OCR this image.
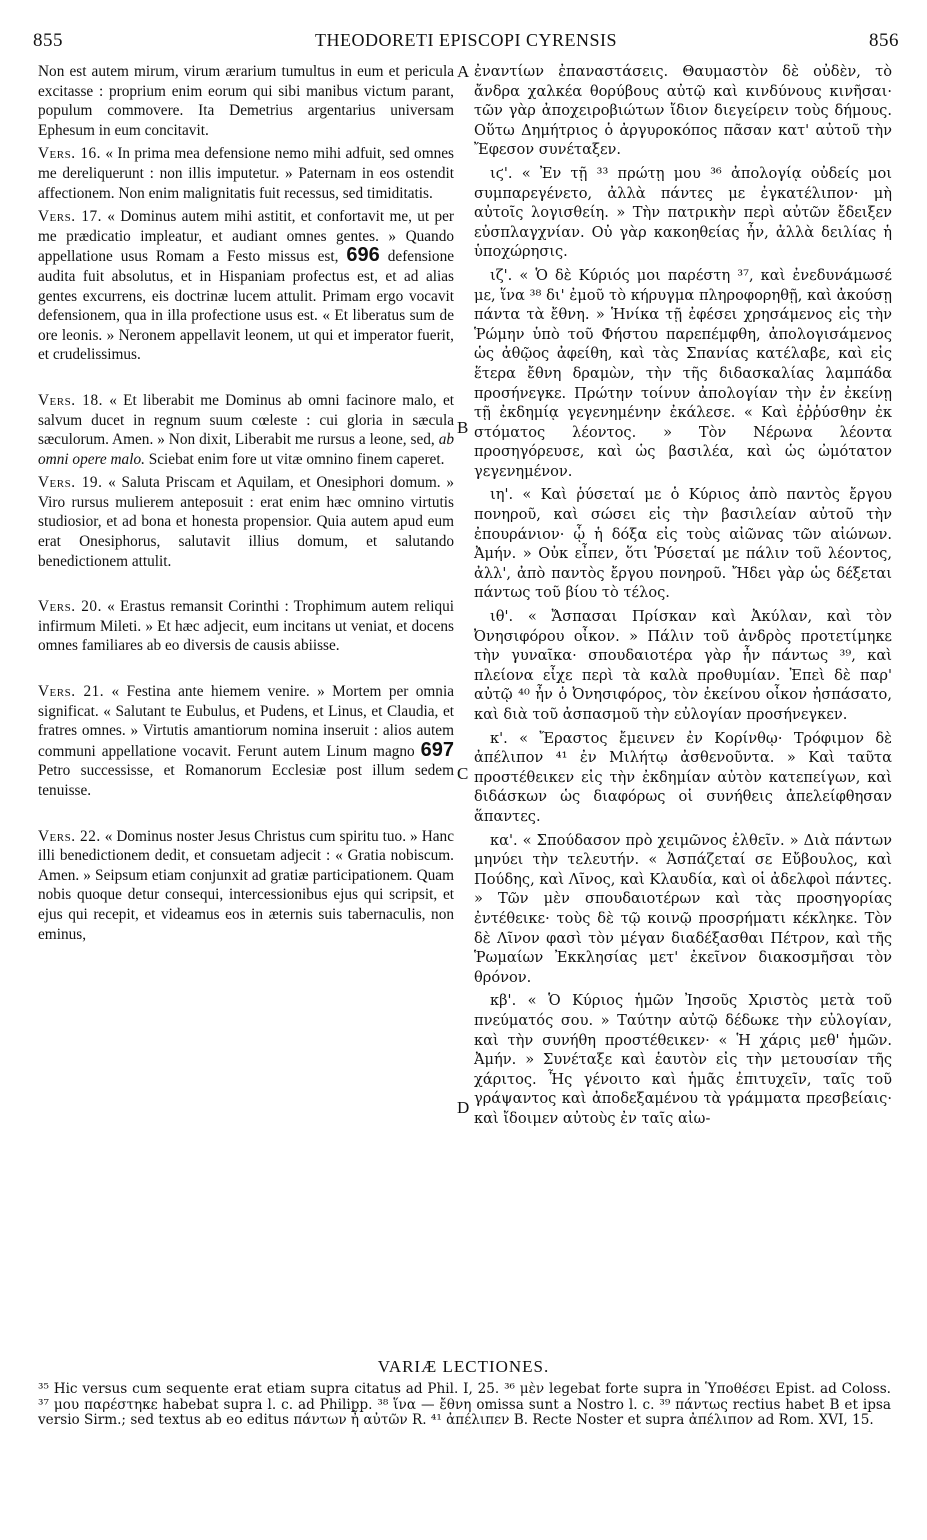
855	THEODORETI EPISCOPI CYRENSIS	856
A
B
C
D

Non est autem mirum, virum ærarium tumultus in eum et pericula excitasse : proprium enim eorum qui sibi manibus victum parant, populum commovere. Ita Demetrius argentarius universam Ephesum in eum concitavit.

Vers. 16. « In prima mea defensione nemo mihi adfuit, sed omnes me dereliquerunt : non illis imputetur. » Paternam in eos ostendit affectionem. Non enim malignitatis fuit recessus, sed timiditatis.

Vers. 17. « Dominus autem mihi astitit, et confortavit me, ut per me prædicatio impleatur, et audiant omnes gentes. » Quando appellatione usus Romam a Festo missus est, 696 defensione audita fuit absolutus, et in Hispaniam profectus est, et ad alias gentes excurrens, eis doctrinæ lucem attulit. Primam ergo vocavit defensionem, qua in illa profectione usus est. « Et liberatus sum de ore leonis. » Neronem appellavit leonem, ut qui et imperator fuerit, et crudelissimus.

Vers. 18. « Et liberabit me Dominus ab omni facinore malo, et salvum ducet in regnum suum cœleste : cui gloria in sæcula sæculorum. Amen. » Non dixit, Liberabit me rursus a leone, sed, ab omni opere malo. Sciebat enim fore ut vitæ omnino finem caperet.

Vers. 19. « Saluta Priscam et Aquilam, et Onesiphori domum. » Viro rursus mulierem anteposuit : erat enim hæc omnino virtutis studiosior, et ad bona et honesta propensior. Quia autem apud eum erat Onesiphorus, salutavit illius domum, et salutando benedictionem attulit.

Vers. 20. « Erastus remansit Corinthi : Trophimum autem reliqui infirmum Mileti. » Et hæc adjecit, eum incitans ut veniat, et docens omnes familiares ab eo diversis de causis abiisse.

Vers. 21. « Festina ante hiemem venire. » Mortem per omnia significat. « Salutant te Eubulus, et Pudens, et Linus, et Claudia, et fratres omnes. » Virtutis amantiorum nomina inseruit : alios autem communi appellatione vocavit. Ferunt autem Linum magno 697 Petro successisse, et Romanorum Ecclesiæ post illum sedem tenuisse.

Vers. 22. « Dominus noster Jesus Christus cum spiritu tuo. » Hanc illi benedictionem dedit, et consuetam adjecit : « Gratia nobiscum. Amen. » Seipsum etiam conjunxit ad gratiæ participationem. Quam nobis quoque detur consequi, intercessionibus ejus qui scripsit, et ejus qui recepit, et videamus eos in æternis suis tabernaculis, non eminus,

ἐναντίων ἐπαναστάσεις. Θαυμαστὸν δὲ οὐδὲν, τὸ ἄνδρα χαλκέα θορύβους αὐτῷ καὶ κινδύνους κινῆσαι· τῶν γὰρ ἀποχειροβιώτων ἴδιον διεγείρειν τοὺς δήμους. Οὕτω Δημήτριος ὁ ἀργυροκόπος πᾶσαν κατ' αὐτοῦ τὴν Ἔφεσον συνέταξεν.

ιϛ'. « Ἐν τῇ ³³ πρώτῃ μου ³⁶ ἀπολογίᾳ οὐδείς μοι συμπαρεγένετο, ἀλλὰ πάντες με ἐγκατέλιπον· μὴ αὐτοῖς λογισθείη. » Τὴν πατρικὴν περὶ αὐτῶν ἔδειξεν εὐσπλαγχνίαν. Οὐ γὰρ κακοηθείας ἦν, ἀλλὰ δειλίας ἡ ὑποχώρησις.

ιζ'. « Ὁ δὲ Κύριός μοι παρέστη ³⁷, καὶ ἐνεδυνάμωσέ με, ἵνα ³⁸ δι' ἐμοῦ τὸ κήρυγμα πληροφορηθῇ, καὶ ἀκούσῃ πάντα τὰ ἔθνη. » Ἡνίκα τῇ ἐφέσει χρησάμενος εἰς τὴν Ῥώμην ὑπὸ τοῦ Φήστου παρεπέμφθη, ἀπολογισάμενος ὡς ἀθῷος ἀφείθη, καὶ τὰς Σπανίας κατέλαβε, καὶ εἰς ἕτερα ἔθνη δραμὼν, τὴν τῆς διδασκαλίας λαμπάδα προσήνεγκε. Πρώτην τοίνυν ἀπολογίαν τὴν ἐν ἐκείνῃ τῇ ἐκδημίᾳ γεγενημένην ἐκάλεσε. « Καὶ ἐῤῥύσθην ἐκ στόματος λέοντος. » Τὸν Νέρωνα λέοντα προσηγόρευσε, καὶ ὡς βασιλέα, καὶ ὡς ὠμότατον γεγενημένον.

ιη'. « Καὶ ῥύσεταί με ὁ Κύριος ἀπὸ παντὸς ἔργου πονηροῦ, καὶ σώσει εἰς τὴν βασιλείαν αὐτοῦ τὴν ἐπουράνιον· ᾧ ἡ δόξα εἰς τοὺς αἰῶνας τῶν αἰώνων. Ἀμήν. » Οὐκ εἶπεν, ὅτι Ῥύσεταί με πάλιν τοῦ λέοντος, ἀλλ', ἀπὸ παντὸς ἔργου πονηροῦ. Ἤδει γὰρ ὡς δέξεται πάντως τοῦ βίου τὸ τέλος.

ιθ'. « Ἄσπασαι Πρίσκαν καὶ Ἀκύλαν, καὶ τὸν Ὀνησιφόρου οἶκον. » Πάλιν τοῦ ἀνδρὸς προτετίμηκε τὴν γυναῖκα· σπουδαιοτέρα γὰρ ἦν πάντως ³⁹, καὶ πλείονα εἶχε περὶ τὰ καλὰ προθυμίαν. Ἐπεὶ δὲ παρ' αὐτῷ ⁴⁰ ἦν ὁ Ὀνησιφόρος, τὸν ἐκείνου οἶκον ἠσπάσατο, καὶ διὰ τοῦ ἀσπασμοῦ τὴν εὐλογίαν προσήνεγκεν.

κ'. « Ἔραστος ἔμεινεν ἐν Κορίνθῳ· Τρόφιμον δὲ ἀπέλιπον ⁴¹ ἐν Μιλήτῳ ἀσθενοῦντα. » Καὶ ταῦτα προστέθεικεν εἰς τὴν ἐκδημίαν αὐτὸν κατεπείγων, καὶ διδάσκων ὡς διαφόρως οἱ συνήθεις ἀπελείφθησαν ἅπαντες.

κα'. « Σπούδασον πρὸ χειμῶνος ἐλθεῖν. » Διὰ πάντων μηνύει τὴν τελευτήν. « Ἀσπάζεταί σε Εὔβουλος, καὶ Πούδης, καὶ Λῖνος, καὶ Κλαυδία, καὶ οἱ ἀδελφοὶ πάντες. » Τῶν μὲν σπουδαιοτέρων καὶ τὰς προσηγορίας ἐντέθεικε· τοὺς δὲ τῷ κοινῷ προσρήματι κέκληκε. Τὸν δὲ Λῖνον φασὶ τὸν μέγαν διαδέξασθαι Πέτρον, καὶ τῆς Ῥωμαίων Ἐκκλησίας μετ' ἐκεῖνον διακοσμῆσαι τὸν θρόνον.

κβ'. « Ὁ Κύριος ἡμῶν Ἰησοῦς Χριστὸς μετὰ τοῦ πνεύματός σου. » Ταύτην αὐτῷ δέδωκε τὴν εὐλογίαν, καὶ τὴν συνήθη προστέθεικεν· « Ἡ χάρις μεθ' ἡμῶν. Ἀμήν. » Συνέταξε καὶ ἑαυτὸν εἰς τὴν μετουσίαν τῆς χάριτος. Ἧς γένοιτο καὶ ἡμᾶς ἐπιτυχεῖν, ταῖς τοῦ γράψαντος καὶ ἀποδεξαμένου τὰ γράμματα πρεσβείαις· καὶ ἴδοιμεν αὐτοὺς ἐν ταῖς αἰω-

VARIÆ LECTIONES.
³⁵ Hic versus cum sequente erat etiam supra citatus ad Phil. I, 25. ³⁶ μὲν legebat forte supra in Ὑποθέσει Epist. ad Coloss. ³⁷ μου παρέστηκε habebat supra l. c. ad Philipp. ³⁸ ἵνα — ἔθνη omissa sunt a Nostro l. c. ³⁹ πάντως rectius habet B et ipsa versio Sirm.; sed textus ab eo editus πάντων ἦ αὐτῶν R. ⁴¹ ἀπέλιπεν B. Recte Noster et supra ἀπέλιπον ad Rom. XVI, 15.
